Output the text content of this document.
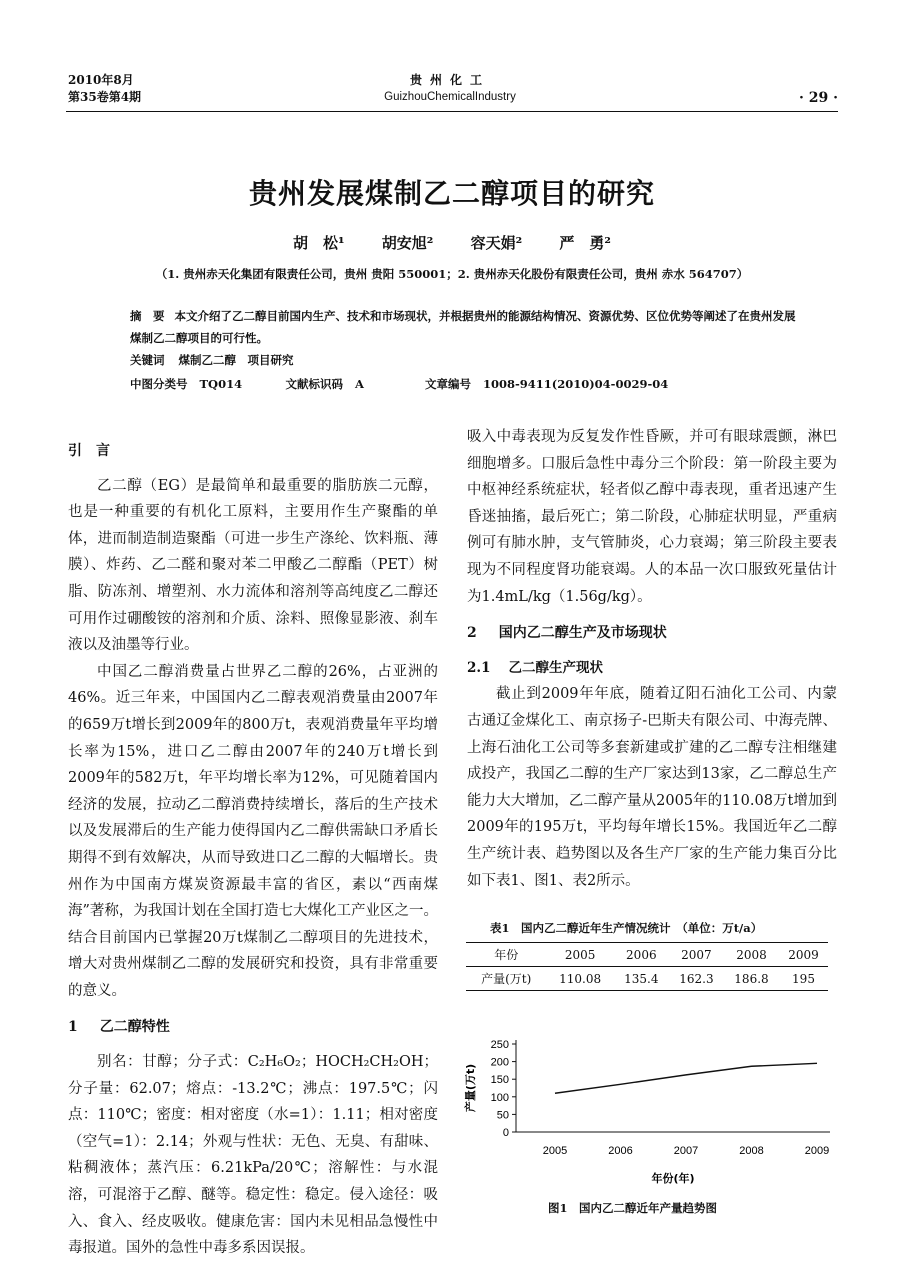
2010年8月
第35卷第4期
贵州化工
GuizhouChemicalIndustry	· 29 ·
贵州发展煤制乙二醇项目的研究
胡　松¹ 胡安旭² 容天娟² 严　勇²
（1. 贵州赤天化集团有限责任公司，贵州 贵阳 550001；2. 贵州赤天化股份有限责任公司，贵州 赤水 564707）
摘　要 本文介绍了乙二醇目前国内生产、技术和市场现状，并根据贵州的能源结构情况、资源优势、区位优势等阐述了在贵州发展煤制乙二醇项目的可行性。
关键词 煤制乙二醇　项目研究
中图分类号 TQ014	文献标识码 A	文章编号 1008-9411(2010)04-0029-04
引　言

乙二醇（EG）是最简单和最重要的脂肪族二元醇，也是一种重要的有机化工原料，主要用作生产聚酯的单体，进而制造制造聚酯（可进一步生产涤纶、饮料瓶、薄膜）、炸药、乙二醛和聚对苯二甲酸乙二醇酯（PET）树脂、防冻剂、增塑剂、水力流体和溶剂等高纯度乙二醇还可用作过硼酸铵的溶剂和介质、涂料、照像显影液、刹车液以及油墨等行业。

中国乙二醇消费量占世界乙二醇的26%，占亚洲的46%。近三年来，中国国内乙二醇表观消费量由2007年的659万t增长到2009年的800万t，表观消费量年平均增长率为15%，进口乙二醇由2007年的240万t增长到2009年的582万t，年平均增长率为12%，可见随着国内经济的发展，拉动乙二醇消费持续增长，落后的生产技术以及发展滞后的生产能力使得国内乙二醇供需缺口矛盾长期得不到有效解决，从而导致进口乙二醇的大幅增长。贵州作为中国南方煤炭资源最丰富的省区，素以“西南煤海”著称，为我国计划在全国打造七大煤化工产业区之一。结合目前国内已掌握20万t煤制乙二醇项目的先进技术，增大对贵州煤制乙二醇的发展研究和投资，具有非常重要的意义。

1 乙二醇特性

别名：甘醇；分子式：C₂H₆O₂；HOCH₂CH₂OH；分子量：62.07；熔点：-13.2℃；沸点：197.5℃；闪点：110℃；密度：相对密度（水=1）：1.11；相对密度（空气=1）：2.14；外观与性状：无色、无臭、有甜味、粘稠液体；蒸汽压：6.21kPa/20℃；溶解性：与水混溶，可混溶于乙醇、醚等。稳定性：稳定。侵入途径：吸入、食入、经皮吸收。健康危害：国内未见相品急慢性中毒报道。国外的急性中毒多系因误报。

吸入中毒表现为反复发作性昏厥，并可有眼球震颤，淋巴细胞增多。口服后急性中毒分三个阶段：第一阶段主要为中枢神经系统症状，轻者似乙醇中毒表现，重者迅速产生昏迷抽搐，最后死亡；第二阶段，心肺症状明显，严重病例可有肺水肿，支气管肺炎，心力衰竭；第三阶段主要表现为不同程度肾功能衰竭。人的本品一次口服致死量估计为1.4mL/kg（1.56g/kg）。

2 国内乙二醇生产及市场现状
2.1 乙二醇生产现状

截止到2009年年底，随着辽阳石油化工公司、内蒙古通辽金煤化工、南京扬子-巴斯夫有限公司、中海壳牌、上海石油化工公司等多套新建或扩建的乙二醇专注相继建成投产，我国乙二醇的生产厂家达到13家，乙二醇总生产能力大大增加，乙二醇产量从2005年的110.08万t增加到2009年的195万t，平均每年增长15%。我国近年乙二醇生产统计表、趋势图以及各生产厂家的生产能力集百分比如下表1、图1、表2所示。

表1　国内乙二醇近年生产情况统计　（单位：万t/a）
年份	2005	2006	2007	2008	2009
产量(万t)	110.08	135.4	162.3	186.8	195
0
50
100
150
200
250
2005	2006	2007	2008	2009
年份(年)
产量(万t)
图1　国内乙二醇近年产量趋势图
